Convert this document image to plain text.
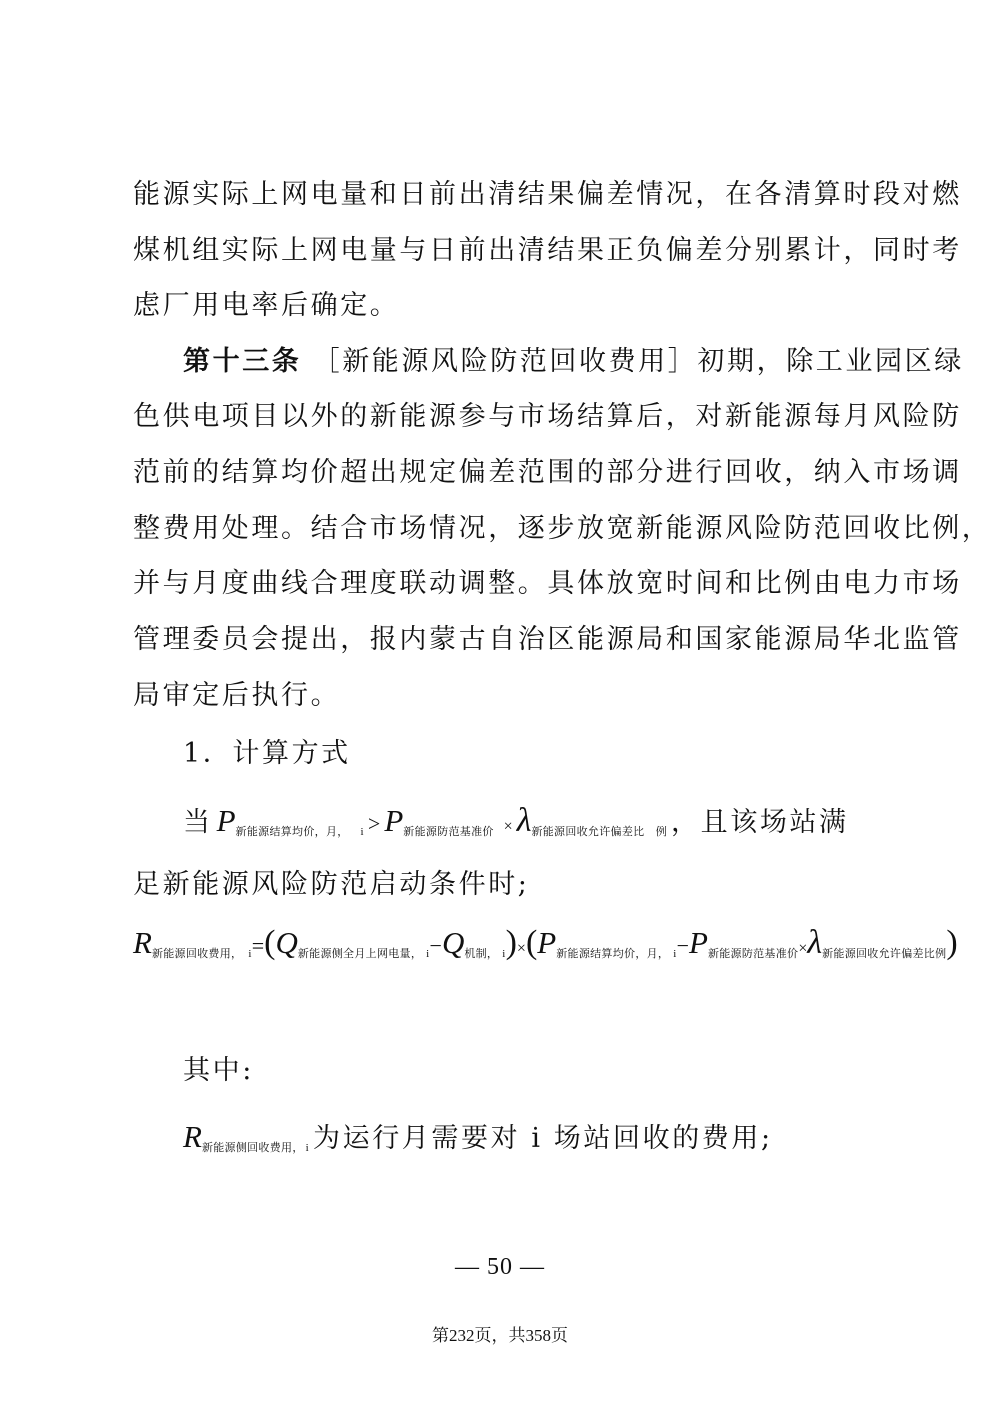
能源实际上网电量和日前出清结果偏差情况，在各清算时段对燃
煤机组实际上网电量与日前出清结果正负偏差分别累计，同时考
虑厂用电率后确定。
第十三条 ［新能源风险防范回收费用］初期，除工业园区绿
色供电项目以外的新能源参与市场结算后，对新能源每月风险防
范前的结算均价超出规定偏差范围的部分进行回收，纳入市场调
整费用处理。结合市场情况，逐步放宽新能源风险防范回收比例，
并与月度曲线合理度联动调整。具体放宽时间和比例由电力市场
管理委员会提出，报内蒙古自治区能源局和国家能源局华北监管
局审定后执行。
1．计算方式
当 $P_{新能源结算均价,月,}$ $_i > P_{新能源防范基准价} \times \lambda_{新能源回收允许偏差比 例}$ ，且该场站满
足新能源风险防范启动条件时;
$R_{新能源回收费用,}$ $_i=(Q_{新能源侧全月上网电量,}$ $_i-Q_{机制,}$ $_i)\times(P_{新能源结算均价,月,}$ $_i-P_{新能源防范基准价}\times\lambda_{新能源回收允许偏差比例}$)
其中:
$R_{新能源侧回收费用,}$ $_i$ 为运行月需要对 i 场站回收的费用;
— 50 —
第232页，共358页
